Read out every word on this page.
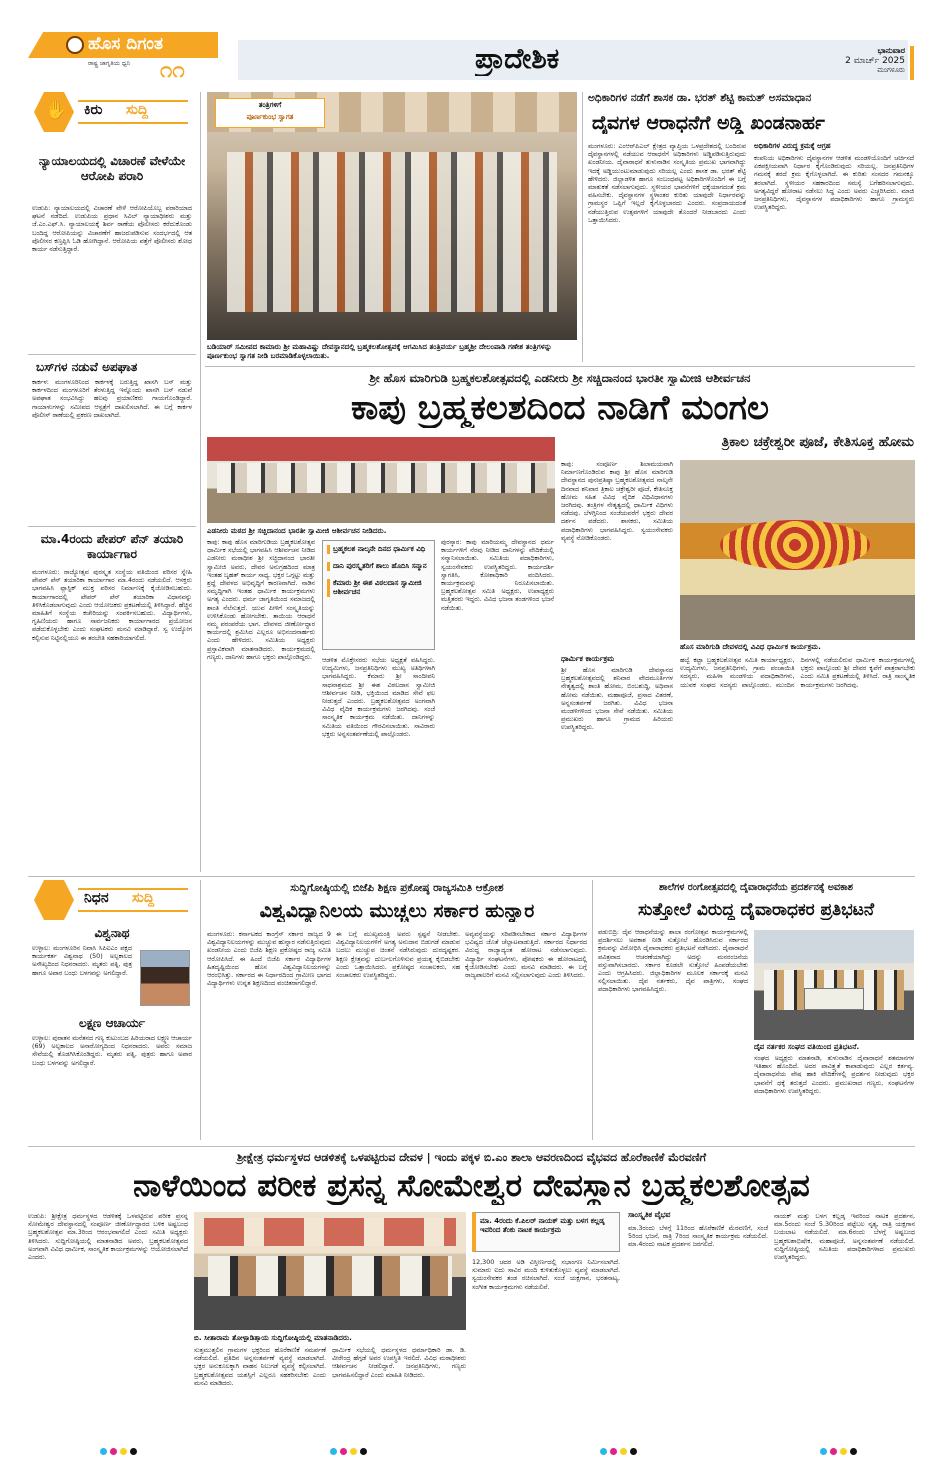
ಹೊಸ ದಿಗಂತ
ರಾಷ್ಟ್ರ ಜಾಗೃತಿಯ ಧ್ವನಿ ೧೧	ಪ್ರಾದೇಶಿಕ	ಭಾನುವಾರ
2 ಮಾರ್ಚ್ 2025
ಮಂಗಳೂರು
✋ ಕಿರು ಸುದ್ದಿ
ನ್ಯಾಯಾಲಯದಲ್ಲಿ ವಿಚಾರಣೆ ವೇಳೆಯೇ ಆರೋಪಿ ಪರಾರಿ
ಉಡುಪಿ: ನ್ಯಾಯಾಲಯದಲ್ಲಿ ವಿಚಾರಣೆ ವೇಳೆ ಆರೋಪಿಯೊಬ್ಬ ಪರಾರಿಯಾದ ಘಟನೆ ನಡೆದಿದೆ. ಉಡುಪಿಯ ಪ್ರಧಾನ ಸಿವಿಲ್ ನ್ಯಾಯಾಧೀಶರು ಮತ್ತು ಜೆ.ಎಂ.ಎಫ್.ಸಿ. ನ್ಯಾಯಾಲಯಕ್ಕೆ ಶಿರ್ವ ಠಾಣೆಯ ಪೊಲೀಸರು ಕರೆದುಕೊಂಡು ಬಂದಿದ್ದ ಆರೋಪಿಯನ್ನು ವಿಚಾರಣೆಗೆ ಹಾಜರುಪಡಿಸುವ ಸಂದರ್ಭದಲ್ಲಿ ಆತ ಪೊಲೀಸರ ಕಣ್ತಪ್ಪಿಸಿ ಓಡಿ ಹೋಗಿದ್ದಾನೆ. ಆರೋಪಿಯ ಪತ್ತೆಗೆ ಪೊಲೀಸರು ಶೋಧ ಕಾರ್ಯ ನಡೆಸುತ್ತಿದ್ದಾರೆ.
ಬಸ್‌ಗಳ ನಡುವೆ ಅಪಘಾತ
ಕಾರ್ಕಳ: ಮಂಗಳೂರಿನಿಂದ ಕಾರ್ಕಳಕ್ಕೆ ಬರುತ್ತಿದ್ದ ಖಾಸಗಿ ಬಸ್ ಮತ್ತು ಕಾರ್ಕಳದಿಂದ ಮಂಗಳೂರಿಗೆ ತೆರಳುತ್ತಿದ್ದ ಇನ್ನೊಂದು ಖಾಸಗಿ ಬಸ್ ನಡುವೆ ಅಪಘಾತ ಸಂಭವಿಸಿದ್ದು ಹಲವು ಪ್ರಯಾಣಿಕರು ಗಾಯಗೊಂಡಿದ್ದಾರೆ. ಗಾಯಾಳುಗಳನ್ನು ಸಮೀಪದ ಆಸ್ಪತ್ರೆಗೆ ದಾಖಲಿಸಲಾಗಿದೆ. ಈ ಬಗ್ಗೆ ಕಾರ್ಕಳ ಪೊಲೀಸ್ ಠಾಣೆಯಲ್ಲಿ ಪ್ರಕರಣ ದಾಖಲಾಗಿದೆ.
ಮಾ.4ರಂದು ಪೇಪರ್ ಪೆನ್ ತಯಾರಿ ಕಾರ್ಯಾಗಾರ
ಮಂಗಳೂರು: ರಾಜ್ಯೋತ್ಸವ ಪುರಸ್ಕೃತ ಸಂಸ್ಥೆಯ ವತಿಯಿಂದ ಪರಿಸರ ಸ್ನೇಹಿ ಪೇಪರ್ ಪೆನ್ ತಯಾರಿಕಾ ಕಾರ್ಯಾಗಾರ ಮಾ.4ರಂದು ನಡೆಯಲಿದೆ. ಆಸಕ್ತರು ಭಾಗವಹಿಸಿ ಪ್ಲಾಸ್ಟಿಕ್ ಮುಕ್ತ ಪರಿಸರ ನಿರ್ಮಾಣಕ್ಕೆ ಕೈಜೋಡಿಸಬಹುದು. ಕಾರ್ಯಾಗಾರದಲ್ಲಿ ಪೇಪರ್ ಪೆನ್ ತಯಾರಿಕಾ ವಿಧಾನವನ್ನು ತಿಳಿಸಿಕೊಡಲಾಗುವುದು ಎಂದು ಆಯೋಜಕರು ಪ್ರಕಟಣೆಯಲ್ಲಿ ತಿಳಿಸಿದ್ದಾರೆ. ಹೆಚ್ಚಿನ ಮಾಹಿತಿಗೆ ಸಂಸ್ಥೆಯ ಕಚೇರಿಯನ್ನು ಸಂಪರ್ಕಿಸಬಹುದು. ವಿದ್ಯಾರ್ಥಿಗಳು, ಗೃಹಿಣಿಯರು ಹಾಗೂ ಸಾರ್ವಜನಿಕರು ಕಾರ್ಯಾಗಾರದ ಪ್ರಯೋಜನ ಪಡೆದುಕೊಳ್ಳಬೇಕು ಎಂದು ಸಂಘಟಕರು ಮನವಿ ಮಾಡಿದ್ದಾರೆ. ಸ್ವ ಉದ್ಯೋಗ ಕಲ್ಪಿಸುವ ನಿಟ್ಟಿನಲ್ಲಿಯೂ ಈ ತರಬೇತಿ ಸಹಕಾರಿಯಾಗಲಿದೆ.
ತಂತ್ರಿಗಳಿಗೆ
ಪೂರ್ಣಕುಂಭ ಸ್ವಾಗತ
ಬಡಿಯಾರ್ ಸಮೀಪದ ಕಾಮಾರು ಶ್ರೀ ಮಹಾವಿಷ್ಣು ದೇವಸ್ಥಾನದಲ್ಲಿ ಬ್ರಹ್ಮಕಲಶೋತ್ಸವಕ್ಕೆ ಆಗಮಿಸಿದ ತಂತ್ರಿವರ್ಯ ಬ್ರಹ್ಮಶ್ರೀ ದೇಲಂಪಾಡಿ ಗಣೇಶ ತಂತ್ರಿಗಳನ್ನು ಪೂರ್ಣಕುಂಭ ಸ್ವಾಗತ ನೀಡಿ ಬರಮಾಡಿಕೊಳ್ಳಲಾಯಿತು.
ಅಧಿಕಾರಿಗಳ ನಡೆಗೆ ಶಾಸಕ ಡಾ. ಭರತ್ ಶೆಟ್ಟಿ ಕಾಮತ್ ಅಸಮಾಧಾನ
ದೈವಗಳ ಆರಾಧನೆಗೆ ಅಡ್ಡಿ ಖಂಡನಾರ್ಹ
ಮಂಗಳೂರು: ಎಂಆರ್‌ಪಿಎಲ್ ಕ್ಷೇತ್ರದ ವ್ಯಾಪ್ತಿಯ ಒಳಪ್ರದೇಶದಲ್ಲಿ ಬಂದಿರುವ ದೈವಸ್ಥಾನಗಳಲ್ಲಿ ನಡೆಯುವ ಆರಾಧನೆಗೆ ಅಧಿಕಾರಿಗಳು ಅಡ್ಡಿಪಡಿಸುತ್ತಿರುವುದು ಖಂಡನೀಯ. ದೈವಾರಾಧನೆ ತುಳುನಾಡಿನ ಸಂಸ್ಕೃತಿಯ ಪ್ರಮುಖ ಭಾಗವಾಗಿದ್ದು ಇದಕ್ಕೆ ಅಡ್ಡಿಯುಂಟುಮಾಡುವುದು ಸರಿಯಲ್ಲ ಎಂದು ಶಾಸಕ ಡಾ. ಭರತ್ ಶೆಟ್ಟಿ ಹೇಳಿದರು. ಜಿಲ್ಲಾಡಳಿತ ಹಾಗೂ ಸಂಬಂಧಪಟ್ಟ ಅಧಿಕಾರಿಗಳೊಂದಿಗೆ ಈ ಬಗ್ಗೆ ಮಾತುಕತೆ ನಡೆಸಲಾಗುವುದು. ಸ್ಥಳೀಯರ ಭಾವನೆಗಳಿಗೆ ಧಕ್ಕೆಯಾಗದಂತೆ ಕ್ರಮ ವಹಿಸಬೇಕು. ದೈವಸ್ಥಾನಗಳ ಸ್ಥಳಾಂತರ ಕುರಿತು ಯಾವುದೇ ನಿರ್ಧಾರವನ್ನು ಗ್ರಾಮಸ್ಥರ ಒಪ್ಪಿಗೆ ಇಲ್ಲದೆ ಕೈಗೊಳ್ಳಬಾರದು ಎಂದರು. ಸಂಪ್ರದಾಯದಂತೆ ನಡೆಯುತ್ತಿರುವ ಉತ್ಸವಗಳಿಗೆ ಯಾವುದೇ ತೊಂದರೆ ನೀಡಬಾರದು ಎಂದು ಒತ್ತಾಯಿಸಿದರು.
ಅಧಿಕಾರಿಗಳ ವಿರುದ್ಧ ಕ್ರಮಕ್ಕೆ ಆಗ್ರಹ
ಕಂಪನಿಯ ಅಧಿಕಾರಿಗಳು ದೈವಸ್ಥಾನಗಳ ಆಡಳಿತ ಮಂಡಳಿಯೊಂದಿಗೆ ಚರ್ಚಿಸದೆ ಏಕಪಕ್ಷೀಯವಾಗಿ ನಿರ್ಧಾರ ಕೈಗೊಂಡಿರುವುದು ಸರಿಯಲ್ಲ. ಜನಪ್ರತಿನಿಧಿಗಳ ಗಮನಕ್ಕೆ ತರದೆ ಕ್ರಮ ಕೈಗೊಳ್ಳಲಾಗಿದೆ. ಈ ಕುರಿತು ಸಂಸದರ ಗಮನಕ್ಕೂ ತರಲಾಗಿದೆ. ಸ್ಥಳೀಯರ ಸಹಕಾರದಿಂದ ಸಮಸ್ಯೆ ಬಗೆಹರಿಸಲಾಗುವುದು. ಅಗತ್ಯವಿದ್ದರೆ ಹೋರಾಟ ನಡೆಸಲು ಸಿದ್ಧ ಎಂದು ಅವರು ಎಚ್ಚರಿಸಿದರು. ಮಾಜಿ ಜನಪ್ರತಿನಿಧಿಗಳು, ದೈವಸ್ಥಾನಗಳ ಪದಾಧಿಕಾರಿಗಳು ಹಾಗೂ ಗ್ರಾಮಸ್ಥರು ಉಪಸ್ಥಿತರಿದ್ದರು.
ಶ್ರೀ ಹೊಸ ಮಾರಿಗುಡಿ ಬ್ರಹ್ಮಕಲಶೋತ್ಸವದಲ್ಲಿ ಎಡನೀರು ಶ್ರೀ ಸಚ್ಚಿದಾನಂದ ಭಾರತೀ ಸ್ವಾಮೀಜಿ ಆಶೀರ್ವಚನ
ಕಾಪು ಬ್ರಹ್ಮಕಲಶದಿಂದ ನಾಡಿಗೆ ಮಂಗಲ
ತ್ರಿಕಾಲ ಚಕ್ರೇಶ್ವರೀ ಪೂಜೆ, ಕೇತಿಸೂಕ್ತ ಹೋಮ
ಎಡನೀರು ಮಠದ ಶ್ರೀ ಸಚ್ಚಿದಾನಂದ ಭಾರತೀ ಸ್ವಾಮೀಜಿ ಆಶೀರ್ವಚನ ನೀಡಿದರು.
ಕಾಪು: ಕಾಪು ಹೊಸ ಮಾರಿಗುಡಿಯ ಬ್ರಹ್ಮಕಲಶೋತ್ಸವ ಧಾರ್ಮಿಕ ಸಭೆಯಲ್ಲಿ ಭಾಗವಹಿಸಿ ಆಶೀರ್ವಚನ ನೀಡಿದ ಎಡನೀರು ಮಠಾಧೀಶ ಶ್ರೀ ಸಚ್ಚಿದಾನಂದ ಭಾರತೀ ಸ್ವಾಮೀಜಿ ಅವರು, ದೇವರ ಅನುಗ್ರಹದಿಂದ ಮಾತ್ರ ಇಂತಹ ಬೃಹತ್ ಕಾರ್ಯ ಸಾಧ್ಯ. ಭಕ್ತರ ಒಗ್ಗಟ್ಟು ಮತ್ತು ಶ್ರದ್ಧೆ ದೇವಳದ ಅಭಿವೃದ್ಧಿಗೆ ಕಾರಣವಾಗಿದೆ. ನಾಡಿನ ಸಮೃದ್ಧಿಗಾಗಿ ಇಂತಹ ಧಾರ್ಮಿಕ ಕಾರ್ಯಕ್ರಮಗಳು ಅಗತ್ಯ ಎಂದರು. ಧರ್ಮ ಜಾಗೃತಿಯಿಂದ ಸಮಾಜದಲ್ಲಿ ಶಾಂತಿ ನೆಲೆಸುತ್ತದೆ. ಯುವ ಪೀಳಿಗೆ ಸಂಸ್ಕೃತಿಯನ್ನು ಉಳಿಸಿಕೊಂಡು ಹೋಗಬೇಕು. ತಾಯಿಯ ಆರಾಧನೆ ನಮ್ಮ ಪರಂಪರೆಯ ಭಾಗ. ದೇವಳದ ಜೀರ್ಣೋದ್ಧಾರ ಕಾರ್ಯದಲ್ಲಿ ಶ್ರಮಿಸಿದ ಎಲ್ಲರೂ ಅಭಿನಂದನಾರ್ಹರು ಎಂದು ಹೇಳಿದರು. ಸಮಿತಿಯ ಅಧ್ಯಕ್ಷರು ಪ್ರಸ್ತಾವಿಕವಾಗಿ ಮಾತನಾಡಿದರು. ಕಾರ್ಯಕ್ರಮದಲ್ಲಿ ಗಣ್ಯರು, ದಾನಿಗಳು ಹಾಗೂ ಭಕ್ತರು ಪಾಲ್ಗೊಂಡಿದ್ದರು.
ಬ್ರಹ್ಮಕಲಶ ನಾಲ್ಕನೇ ದಿನದ ಧಾರ್ಮಿಕ ವಿಧಿ
ದಾನಿ ಪುರಸ್ಕೃತರಿಗೆ ಶಾಲು ಹೊದಿಸಿ ಸನ್ಮಾನ
ಕೆಮಾರು ಶ್ರೀ ಈಶ ವಿಠಲದಾಸ ಸ್ವಾಮೀಜಿ ಆಶೀರ್ವಚನ
ಆಡಳಿತ ಮೊಕ್ತೇಸರರು ಸಭೆಯ ಅಧ್ಯಕ್ಷತೆ ವಹಿಸಿದ್ದರು. ಉದ್ಯಮಿಗಳು, ಜನಪ್ರತಿನಿಧಿಗಳು ಮುಖ್ಯ ಅತಿಥಿಗಳಾಗಿ ಭಾಗವಹಿಸಿದ್ದರು. ಕೆಮಾರು ಶ್ರೀ ಸಾಂದೀಪನಿ ಸಾಧನಾಶ್ರಮದ ಶ್ರೀ ಈಶ ವಿಠಲದಾಸ ಸ್ವಾಮೀಜಿ ಆಶೀರ್ವಚನ ನೀಡಿ, ಭಕ್ತಿಯಿಂದ ಮಾಡಿದ ಸೇವೆ ಫಲ ನೀಡುತ್ತದೆ ಎಂದರು. ಬ್ರಹ್ಮಕಲಶೋತ್ಸವದ ಅಂಗವಾಗಿ ವಿವಿಧ ವೈದಿಕ ಕಾರ್ಯಕ್ರಮಗಳು ಜರಗಿದವು. ಸಂಜೆ ಸಾಂಸ್ಕೃತಿಕ ಕಾರ್ಯಕ್ರಮ ನಡೆಯಿತು. ದಾನಿಗಳನ್ನು ಸಮಿತಿಯ ವತಿಯಿಂದ ಗೌರವಿಸಲಾಯಿತು. ಸಾವಿರಾರು ಭಕ್ತರು ಅನ್ನಸಂತರ್ಪಣೆಯಲ್ಲಿ ಪಾಲ್ಗೊಂಡರು.
ಪುರಸ್ಕಾರ: ಕಾಪು ಮಾರಿಯಮ್ಮ ದೇವಸ್ಥಾನದ ಧರ್ಮ ಕಾರ್ಯಗಳಿಗೆ ನೆರವು ನೀಡಿದ ದಾನಿಗಳನ್ನು ವೇದಿಕೆಯಲ್ಲಿ ಸನ್ಮಾನಿಸಲಾಯಿತು. ಸಮಿತಿಯ ಪದಾಧಿಕಾರಿಗಳು, ಸ್ವಯಂಸೇವಕರು ಉಪಸ್ಥಿತರಿದ್ದರು. ಕಾರ್ಯದರ್ಶಿ ಸ್ವಾಗತಿಸಿ, ಕೋಶಾಧಿಕಾರಿ ವಂದಿಸಿದರು. ಕಾರ್ಯಕ್ರಮವನ್ನು ನಿರೂಪಿಸಲಾಯಿತು. ಬ್ರಹ್ಮಕಲಶೋತ್ಸವ ಸಮಿತಿ ಅಧ್ಯಕ್ಷರು, ಉಪಾಧ್ಯಕ್ಷರು ಮತ್ತಿತರರು ಇದ್ದರು. ವಿವಿಧ ಭಜನಾ ತಂಡಗಳಿಂದ ಭಜನೆ ನಡೆಯಿತು.
ಕಾಪು: ಸಂಪೂರ್ಣ ಶಿಲಾಮಯವಾಗಿ ನಿರ್ಮಾಣಗೊಂಡಿರುವ ಕಾಪು ಶ್ರೀ ಹೊಸ ಮಾರಿಗುಡಿ ದೇವಸ್ಥಾನದ ಪುನಃಪ್ರತಿಷ್ಠಾ ಬ್ರಹ್ಮಕಲಶೋತ್ಸವದ ನಾಲ್ಕನೇ ದಿನವಾದ ಶನಿವಾರ ತ್ರಿಕಾಲ ಚಕ್ರೇಶ್ವರೀ ಪೂಜೆ, ಕೇತಿಸೂಕ್ತ ಹೋಮ ಸಹಿತ ವಿವಿಧ ವೈದಿಕ ವಿಧಿವಿಧಾನಗಳು ಜರಗಿದವು. ತಂತ್ರಿಗಳ ನೇತೃತ್ವದಲ್ಲಿ ಧಾರ್ಮಿಕ ವಿಧಿಗಳು ನಡೆದವು. ಬೆಳಗ್ಗಿನಿಂದ ಸಂಜೆಯವರೆಗೆ ಭಕ್ತರು ದೇವರ ದರ್ಶನ ಪಡೆದರು. ಶಾಸಕರು, ಸಮಿತಿಯ ಪದಾಧಿಕಾರಿಗಳು ಭಾಗವಹಿಸಿದ್ದರು. ಸ್ವಯಂಸೇವಕರು ವ್ಯವಸ್ಥೆ ನೋಡಿಕೊಂಡರು.
ಹೊಸ ಮಾರಿಗುಡಿ ದೇವಳದಲ್ಲಿ ವಿವಿಧ ಧಾರ್ಮಿಕ ಕಾರ್ಯಕ್ರಮ.
ಧಾರ್ಮಿಕ ಕಾರ್ಯಕ್ರಮ
ಶ್ರೀ ಹೊಸ ಮಾರಿಗುಡಿ ದೇವಸ್ಥಾನದ ಬ್ರಹ್ಮಕಲಶೋತ್ಸವದಲ್ಲಿ ಶನಿವಾರ ವೇದಮೂರ್ತಿಗಳ ನೇತೃತ್ವದಲ್ಲಿ ಶಾಂತಿ ಹೋಮ, ಬಿಂಬಶುದ್ಧಿ, ಅಧಿವಾಸ ಹೋಮ ನಡೆಯಿತು. ಮಹಾಪೂಜೆ, ಪ್ರಸಾದ ವಿತರಣೆ, ಅನ್ನಸಂತರ್ಪಣೆ ಜರಗಿತು. ವಿವಿಧ ಭಜನಾ ಮಂಡಳಿಗಳಿಂದ ಭಜನಾ ಸೇವೆ ನಡೆಯಿತು. ಸಮಿತಿಯ ಪ್ರಮುಖರು ಹಾಗೂ ಗ್ರಾಮದ ಹಿರಿಯರು ಉಪಸ್ಥಿತರಿದ್ದರು.
ಹಲ್ವೆ ಕಟ್ಟಾ ಬ್ರಹ್ಮಕಲಶೋತ್ಸವ ಸಮಿತಿ ಕಾರ್ಯಾಧ್ಯಕ್ಷರು, ಉದ್ಯಮಿಗಳು, ಜನಪ್ರತಿನಿಧಿಗಳು, ಗ್ರಾಮ ಪಂಚಾಯಿತಿ ಸದಸ್ಯರು, ಮಹಿಳಾ ಮಂಡಳಿಯ ಪದಾಧಿಕಾರಿಗಳು, ಯುವಕ ಸಂಘದ ಸದಸ್ಯರು ಪಾಲ್ಗೊಂಡರು. ಮುಂದಿನ ದಿನಗಳಲ್ಲಿ ನಡೆಯಲಿರುವ ಧಾರ್ಮಿಕ ಕಾರ್ಯಕ್ರಮಗಳಲ್ಲಿ ಭಕ್ತರು ಪಾಲ್ಗೊಂಡು ಶ್ರೀ ದೇವರ ಕೃಪೆಗೆ ಪಾತ್ರರಾಗಬೇಕು ಎಂದು ಸಮಿತಿ ಪ್ರಕಟಣೆಯಲ್ಲಿ ತಿಳಿಸಿದೆ. ರಾತ್ರಿ ಸಾಂಸ್ಕೃತಿಕ ಕಾರ್ಯಕ್ರಮಗಳು ಜರಗಿದವು.
ನಿಧನ ಸುದ್ದಿ
ವಿಶ್ವನಾಥ
ಉಳ್ಳಾಲ: ಮಂಗಳೂರಿನ ನಿವಾಸಿ ಸಿಪಿಐಎಂ ಪಕ್ಷದ ಕಾರ್ಯಕರ್ತ ವಿಶ್ವನಾಥ (50) ಅಲ್ಪಕಾಲದ ಅಸೌಖ್ಯದಿಂದ ನಿಧನರಾದರು. ಮೃತರು ಪತ್ನಿ, ಪುತ್ರ ಹಾಗೂ ಅಪಾರ ಬಂಧು ಬಳಗವನ್ನು ಅಗಲಿದ್ದಾರೆ.
ಲಕ್ಷ್ಮಣ ಆಚಾರ್ಯ
ಉಳ್ಳಾಲ: ಪುರಾತನ ಮನೆತನದ ಗಣ್ಯ ಕುಟುಂಬದ ಹಿರಿಯರಾದ ಲಕ್ಷ್ಮಣ ಆಚಾರ್ಯ (69) ಅಲ್ಪಕಾಲದ ಅನಾರೋಗ್ಯದಿಂದ ನಿಧನರಾದರು. ಅವರು ಸಮಾಜ ಸೇವೆಯಲ್ಲಿ ತೊಡಗಿಸಿಕೊಂಡಿದ್ದರು. ಮೃತರು ಪತ್ನಿ, ಪುತ್ರರು ಹಾಗೂ ಅಪಾರ ಬಂಧು ಬಳಗವನ್ನು ಅಗಲಿದ್ದಾರೆ.
ಸುದ್ದಿಗೋಷ್ಠಿಯಲ್ಲಿ ಬಿಜೆಪಿ ಶಿಕ್ಷಣ ಪ್ರಕೋಷ್ಠ ರಾಜ್ಯಸಮಿತಿ ಆಕ್ರೋಶ
ವಿಶ್ವವಿದ್ಯಾನಿಲಯ ಮುಚ್ಚಲು ಸರ್ಕಾರ ಹುನ್ನಾರ
ಮಂಗಳೂರು: ಕರ್ನಾಟಕದ ಕಾಂಗ್ರೆಸ್ ಸರ್ಕಾರ ರಾಜ್ಯದ 9 ವಿಶ್ವವಿದ್ಯಾನಿಲಯಗಳನ್ನು ಮುಚ್ಚುವ ಹುನ್ನಾರ ನಡೆಸುತ್ತಿರುವುದು ಖಂಡನೀಯ ಎಂದು ಬಿಜೆಪಿ ಶಿಕ್ಷಣ ಪ್ರಕೋಷ್ಠದ ರಾಜ್ಯ ಸಮಿತಿ ಆರೋಪಿಸಿದೆ. ಈ ಹಿಂದೆ ಬಿಜೆಪಿ ಸರ್ಕಾರ ವಿದ್ಯಾರ್ಥಿಗಳ ಹಿತದೃಷ್ಟಿಯಿಂದ ಹೊಸ ವಿಶ್ವವಿದ್ಯಾನಿಲಯಗಳನ್ನು ಆರಂಭಿಸಿತ್ತು. ಸರ್ಕಾರದ ಈ ನಿರ್ಧಾರದಿಂದ ಗ್ರಾಮೀಣ ಭಾಗದ ವಿದ್ಯಾರ್ಥಿಗಳು ಉನ್ನತ ಶಿಕ್ಷಣದಿಂದ ವಂಚಿತರಾಗಲಿದ್ದಾರೆ.
ಈ ಬಗ್ಗೆ ಮುಖ್ಯಮಂತ್ರಿ ಅವರು ಸ್ಪಷ್ಟನೆ ನೀಡಬೇಕು. ವಿಶ್ವವಿದ್ಯಾನಿಲಯಗಳಿಗೆ ಅಗತ್ಯ ಅನುದಾನ ಬಿಡುಗಡೆ ಮಾಡುವ ಬದಲು ಮುಚ್ಚುವ ಚಿಂತನೆ ನಡೆಸಿರುವುದು ದುರದೃಷ್ಟಕರ. ಶಿಕ್ಷಣ ಕ್ಷೇತ್ರವನ್ನು ದುರ್ಬಲಗೊಳಿಸುವ ಪ್ರಯತ್ನ ಕೈಬಿಡಬೇಕು ಎಂದು ಒತ್ತಾಯಿಸಿದರು. ಪ್ರಕೋಷ್ಠದ ಸಂಚಾಲಕರು, ಸಹ ಸಂಚಾಲಕರು ಉಪಸ್ಥಿತರಿದ್ದರು.
ಅವ್ಯವಸ್ಥೆಯನ್ನು ಸರಿಪಡಿಸಬೇಕಾದ ಸರ್ಕಾರ ವಿದ್ಯಾರ್ಥಿಗಳ ಭವಿಷ್ಯದ ಜೊತೆ ಚೆಲ್ಲಾಟವಾಡುತ್ತಿದೆ. ಸರ್ಕಾರದ ನಿರ್ಧಾರದ ವಿರುದ್ಧ ರಾಜ್ಯಾದ್ಯಂತ ಹೋರಾಟ ನಡೆಸಲಾಗುವುದು. ವಿದ್ಯಾರ್ಥಿ ಸಂಘಟನೆಗಳು, ಪೋಷಕರು ಈ ಹೋರಾಟದಲ್ಲಿ ಕೈಜೋಡಿಸಬೇಕು ಎಂದು ಮನವಿ ಮಾಡಿದರು. ಈ ಬಗ್ಗೆ ರಾಜ್ಯಪಾಲರಿಗೆ ಮನವಿ ಸಲ್ಲಿಸಲಾಗುವುದು ಎಂದು ತಿಳಿಸಿದರು.
ಶಾಲೆಗಳ ರಂಗೋತ್ಸವದಲ್ಲಿ ದೈವಾರಾಧನೆಯ ಪ್ರದರ್ಶನಕ್ಕೆ ಅವಕಾಶ
ಸುತ್ತೋಲೆ ವಿರುದ್ಧ ದೈವಾರಾಧಕರ ಪ್ರತಿಭಟನೆ
ಪಡುಬಿದ್ರಿ: ದೈವ ಆರಾಧನೆಯನ್ನು ಶಾಲಾ ರಂಗೋತ್ಸವ ಕಾರ್ಯಕ್ರಮಗಳಲ್ಲಿ ಪ್ರದರ್ಶಿಸಲು ಅವಕಾಶ ನೀಡಿ ಸುತ್ತೋಲೆ ಹೊರಡಿಸಿರುವ ಸರ್ಕಾರದ ಕ್ರಮವನ್ನು ವಿರೋಧಿಸಿ ದೈವಾರಾಧಕರು ಪ್ರತಿಭಟನೆ ನಡೆಸಿದರು. ದೈವಾರಾಧನೆ ಪವಿತ್ರವಾದ ಆಚರಣೆಯಾಗಿದ್ದು ಅದನ್ನು ಮನರಂಜನೆಯ ವಸ್ತುವಾಗಿಸಬಾರದು. ಸರ್ಕಾರ ಕೂಡಲೇ ಸುತ್ತೋಲೆ ಹಿಂಪಡೆಯಬೇಕು ಎಂದು ಆಗ್ರಹಿಸಿದರು. ಜಿಲ್ಲಾಧಿಕಾರಿಗಳ ಮೂಲಕ ಸರ್ಕಾರಕ್ಕೆ ಮನವಿ ಸಲ್ಲಿಸಲಾಯಿತು. ದೈವ ನರ್ತಕರು, ದೈವ ಪಾತ್ರಿಗಳು, ಸಂಘದ ಪದಾಧಿಕಾರಿಗಳು ಭಾಗವಹಿಸಿದ್ದರು.
ದೈವ ನರ್ತಕರ ಸಂಘದ ವತಿಯಿಂದ ಪ್ರತಿಭಟನೆ.
ಸಂಘದ ಅಧ್ಯಕ್ಷರು ಮಾತನಾಡಿ, ತುಳುನಾಡಿನ ದೈವಾರಾಧನೆ ಶತಮಾನಗಳ ಇತಿಹಾಸ ಹೊಂದಿದೆ. ಅದರ ಪಾವಿತ್ರ್ಯತೆ ಕಾಪಾಡುವುದು ಎಲ್ಲರ ಕರ್ತವ್ಯ. ದೈವಾರಾಧನೆಯ ವೇಷ ಹಾಕಿ ವೇದಿಕೆಗಳಲ್ಲಿ ಪ್ರದರ್ಶನ ನೀಡುವುದು ಭಕ್ತರ ಭಾವನೆಗೆ ಧಕ್ಕೆ ತರುತ್ತದೆ ಎಂದರು. ಪ್ರಮುಖರಾದ ಗಣ್ಯರು, ಸಂಘಟನೆಗಳ ಪದಾಧಿಕಾರಿಗಳು ಉಪಸ್ಥಿತರಿದ್ದರು.
ಶ್ರೀಕ್ಷೇತ್ರ ಧರ್ಮಸ್ಥಳದ ಆಡಳಿತಕ್ಕೆ ಒಳಪಟ್ಟಿರುವ ದೇವಳ | ಇಂದು ಪಕ್ಕಳ ಬಿ.ಎಂ ಶಾಲಾ ಆವರಣದಿಂದ ವೈಭವದ ಹೊರೆಕಾಣಿಕೆ ಮೆರವಣಿಗೆ
ನಾಳೆಯಿಂದ ಪರೀಕ ಪ್ರಸನ್ನ ಸೋಮೇಶ್ವರ ದೇವಸ್ಥಾನ ಬ್ರಹ್ಮಕಲಶೋತ್ಸವ
ಉಡುಪಿ: ಶ್ರೀಕ್ಷೇತ್ರ ಧರ್ಮಸ್ಥಳದ ಆಡಳಿತಕ್ಕೆ ಒಳಪಟ್ಟಿರುವ ಪರೀಕ ಪ್ರಸನ್ನ ಸೋಮೇಶ್ವರ ದೇವಸ್ಥಾನದಲ್ಲಿ ಸಂಪೂರ್ಣ ಜೀರ್ಣೋದ್ಧಾರದ ಬಳಿಕ ಅಷ್ಟಬಂಧ ಬ್ರಹ್ಮಕಲಶೋತ್ಸವ ಮಾ.3ರಿಂದ ಆರಂಭವಾಗಲಿದೆ ಎಂದು ಸಮಿತಿ ಅಧ್ಯಕ್ಷರು ತಿಳಿಸಿದರು. ಸುದ್ದಿಗೋಷ್ಠಿಯಲ್ಲಿ ಮಾತನಾಡಿದ ಅವರು, ಬ್ರಹ್ಮಕಲಶೋತ್ಸವದ ಅಂಗವಾಗಿ ವಿವಿಧ ಧಾರ್ಮಿಕ, ಸಾಂಸ್ಕೃತಿಕ ಕಾರ್ಯಕ್ರಮಗಳನ್ನು ಆಯೋಜಿಸಲಾಗಿದೆ ಎಂದರು.
ಬಿ. ಸೀತಾರಾಮ ತೋಳ್ಪಾಡಿತ್ತಾಯ ಸುದ್ದಿಗೋಷ್ಠಿಯಲ್ಲಿ ಮಾತನಾಡಿದರು.
ಸುತ್ತಮುತ್ತಲಿನ ಗ್ರಾಮಗಳ ಭಕ್ತರಿಂದ ಹೊರೆಕಾಣಿಕೆ ಸಮರ್ಪಣೆ ನಡೆಯಲಿದೆ. ಪ್ರತಿದಿನ ಅನ್ನಸಂತರ್ಪಣೆ ವ್ಯವಸ್ಥೆ ಮಾಡಲಾಗಿದೆ. ಭಕ್ತರ ಅನುಕೂಲಕ್ಕಾಗಿ ವಾಹನ ನಿಲುಗಡೆ ವ್ಯವಸ್ಥೆ ಕಲ್ಪಿಸಲಾಗಿದೆ. ಬ್ರಹ್ಮಕಲಶೋತ್ಸವದ ಯಶಸ್ಸಿಗೆ ಎಲ್ಲರೂ ಸಹಕರಿಸಬೇಕು ಎಂದು ಮನವಿ ಮಾಡಿದರು.
ಧಾರ್ಮಿಕ ಸಭೆಯಲ್ಲಿ ಧರ್ಮಸ್ಥಳದ ಧರ್ಮಾಧಿಕಾರಿ ಡಾ. ಡಿ. ವೀರೇಂದ್ರ ಹೆಗ್ಗಡೆ ಅವರ ಉಪಸ್ಥಿತಿ ಇರಲಿದೆ. ವಿವಿಧ ಮಠಾಧೀಶರು ಆಶೀರ್ವಚನ ನೀಡಲಿದ್ದಾರೆ. ಜನಪ್ರತಿನಿಧಿಗಳು, ಗಣ್ಯರು ಭಾಗವಹಿಸಲಿದ್ದಾರೆ ಎಂದು ಮಾಹಿತಿ ನೀಡಿದರು.
ಮಾ. 4ರಂದು ಕೆ.ಪಿಲರ್ ನಾಯಕ್ ಮತ್ತು ಬಳಗ ಕಲ್ಲಡ್ಕ ಇವರಿಂದ ತೆಂಕು ನಾಟಕ ಕಾರ್ಯಕ್ರಮ
12,300 ಚದರ ಅಡಿ ವಿಸ್ತೀರ್ಣದಲ್ಲಿ ಸಭಾಂಗಣ ನಿರ್ಮಿಸಲಾಗಿದೆ. ಸುಮಾರು ಐದು ಸಾವಿರ ಮಂದಿ ಕುಳಿತುಕೊಳ್ಳಲು ವ್ಯವಸ್ಥೆ ಮಾಡಲಾಗಿದೆ. ಸ್ವಯಂಸೇವಕರ ತಂಡ ರಚಿಸಲಾಗಿದೆ. ಸಂಜೆ ಯಕ್ಷಗಾನ, ಭರತನಾಟ್ಯ, ಸಂಗೀತ ಕಾರ್ಯಕ್ರಮಗಳು ನಡೆಯಲಿವೆ.
ಮಾ.3ರಂದು ಬೆಳಗ್ಗೆ 11ರಿಂದ ಹೊರೆಕಾಣಿಕೆ ಮೆರವಣಿಗೆ, ಸಂಜೆ 5ರಿಂದ ಭಜನೆ, ರಾತ್ರಿ 7ರಿಂದ ಸಾಂಸ್ಕೃತಿಕ ಕಾರ್ಯಕ್ರಮ ನಡೆಯಲಿದೆ. ಮಾ.4ರಂದು ನಾಟಕ ಪ್ರದರ್ಶನ ಜರಗಲಿದೆ.
ಸಾಂಸ್ಕೃತಿಕ ವೈಭವ	ನಾಯಕ್ ಮತ್ತು ಬಳಗ ಕಲ್ಲಡ್ಕ ಇವರಿಂದ ನಾಟಕ ಪ್ರದರ್ಶನ, ಮಾ.5ರಂದು ಸಂಜೆ 5.30ರಿಂದ ಪಟ್ಟೆಬಲ ನೃತ್ಯ, ರಾತ್ರಿ ಯಕ್ಷಗಾನ ಬಯಲಾಟ ನಡೆಯಲಿದೆ. ಮಾ.6ರಂದು ಬೆಳಗ್ಗೆ ಅಷ್ಟಬಂಧ ಬ್ರಹ್ಮಕಲಶಾಭಿಷೇಕ, ಮಹಾಪೂಜೆ, ಅನ್ನಸಂತರ್ಪಣೆ ನಡೆಯಲಿದೆ. ಸುದ್ದಿಗೋಷ್ಠಿಯಲ್ಲಿ ಸಮಿತಿಯ ಪದಾಧಿಕಾರಿಗಳಾದ ಪ್ರಮುಖರು ಉಪಸ್ಥಿತರಿದ್ದರು.
